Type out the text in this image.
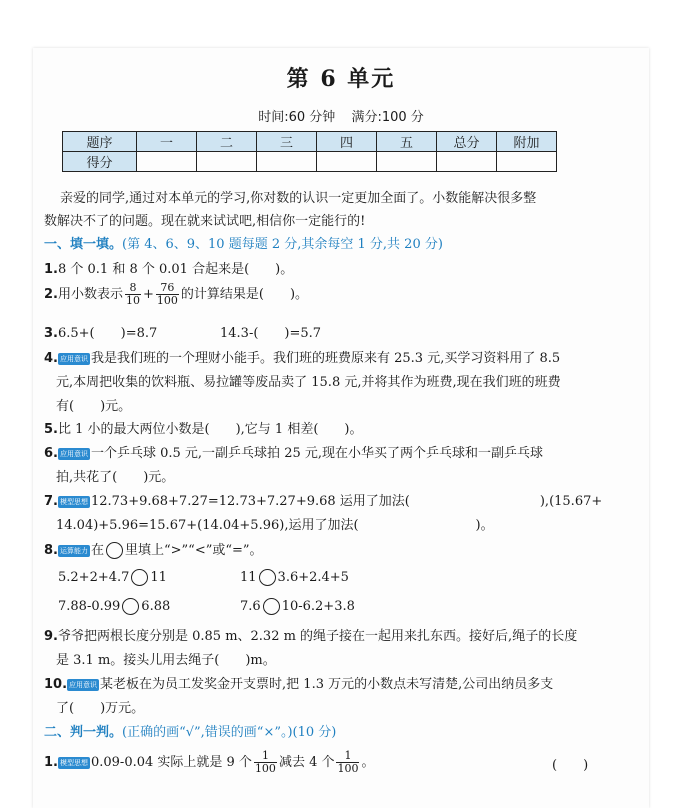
第 6 单元
时间:60 分钟 满分:100 分
题序	一	二	三	四	五	总分	附加
得分							
亲爱的同学,通过对本单元的学习,你对数的认识一定更加全面了。小数能解决很多整
数解决不了的问题。现在就来试试吧,相信你一定能行的!
一、填一填。(第 4、6、9、10 题每题 2 分,其余每空 1 分,共 20 分)
1.8 个 0.1 和 8 个 0.01 合起来是(　　)。
2.用小数表示 $\frac{8}{10} + \frac{76}{100}$ 的计算结果是(　　)。
3.6.5+(　　)=8.7	14.3-(　　)=5.7
4. 应用意识 我是我们班的一个理财小能手。我们班的班费原来有 25.3 元,买学习资料用了 8.5
元,本周把收集的饮料瓶、易拉罐等废品卖了 15.8 元,并将其作为班费,现在我们班的班费
有(　　)元。
5.比 1 小的最大两位小数是(　　),它与 1 相差(　　)。
6. 应用意识 一个乒乓球 0.5 元,一副乒乓球拍 25 元,现在小华买了两个乒乓球和一副乒乓球
拍,共花了(　　)元。
7. 模型思想 12.73+9.68+7.27=12.73+7.27+9.68 运用了加法(　　　　　　　　　　),(15.67+
14.04)+5.96=15.67+(14.04+5.96),运用了加法(　　　　　　　　　)。
8. 运算能力 在 里填上“>”“<”或“=”。
5.2+2+4.7 11	11 3.6+2.4+5
7.88-0.99 6.88	7.6 10-6.2+3.8
9.爷爷把两根长度分别是 0.85 m、2.32 m 的绳子接在一起用来扎东西。接好后,绳子的长度
是 3.1 m。接头儿用去绳子(　　)m。
10. 应用意识 某老板在为员工发奖金开支票时,把 1.3 万元的小数点未写清楚,公司出纳员多支
了(　　)万元。
二、判一判。(正确的画“√”,错误的画“×”。)(10 分)
1. 模型思想 0.09-0.04 实际上就是 9 个 $\frac{1}{100}$ 减去 4 个 $\frac{1}{100}$ 。	(　　)
